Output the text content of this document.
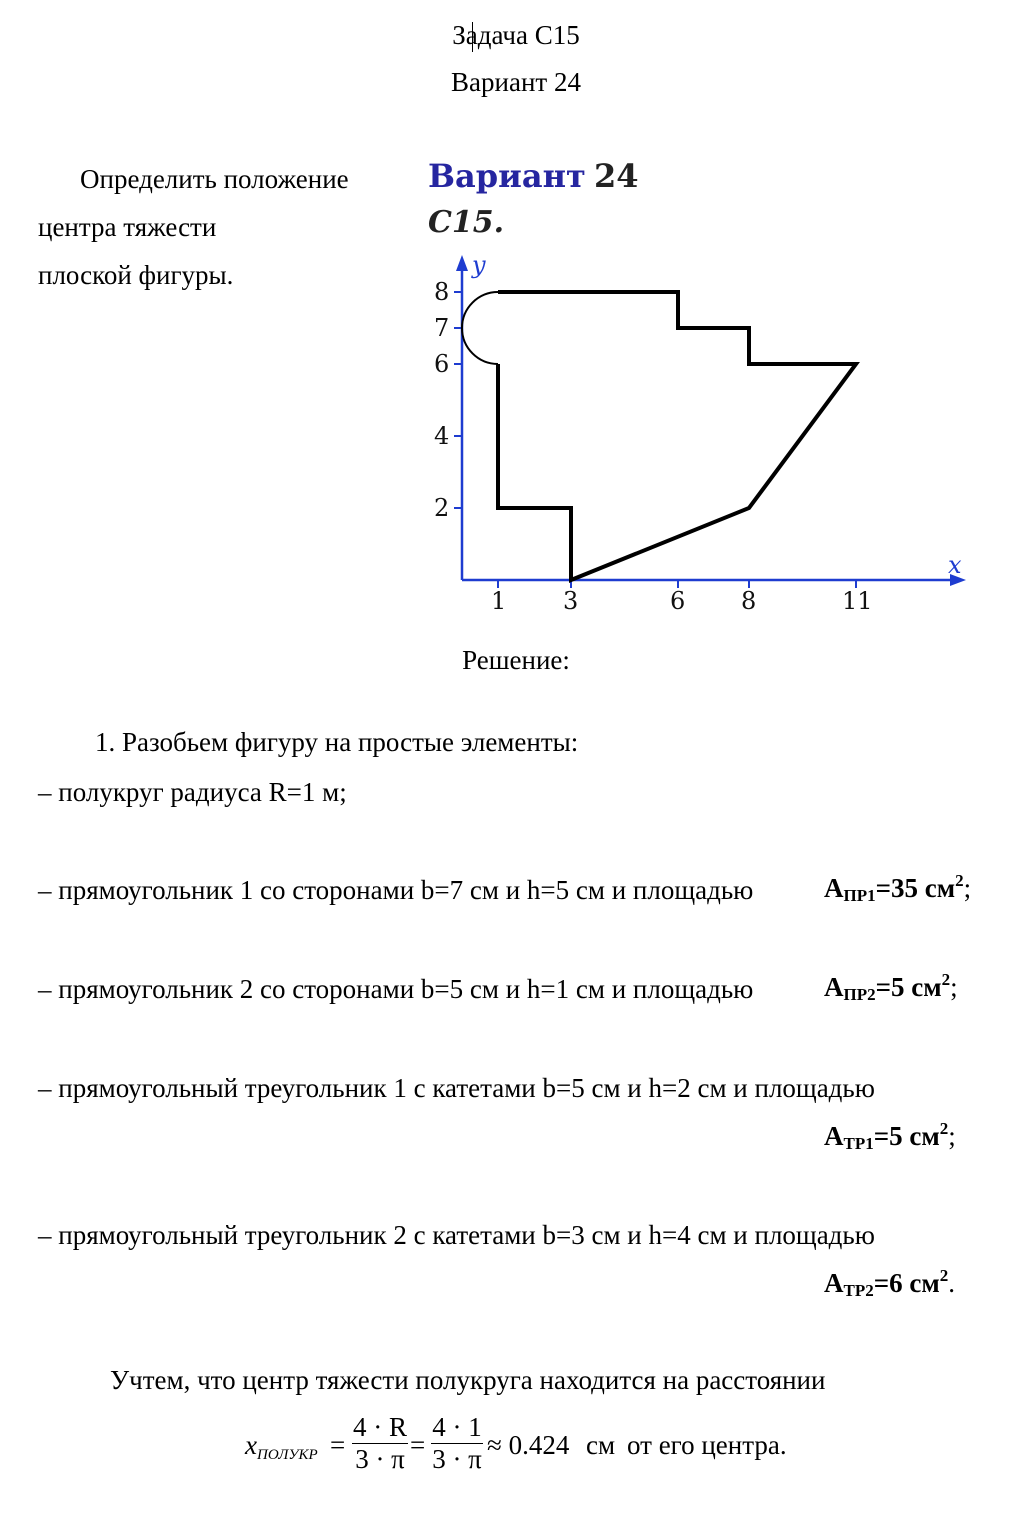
Задача С15
Вариант 24
Определить положение
центра тяжести
плоской фигуры.
Вариант 24
C15.
y
x
8
7
6
4
2
1 3	6 8	11
Решение:
1. Разобьем фигуру на простые элементы:
– полукруг радиуса R=1 м;
– прямоугольник 1 со сторонами b=7 см и h=5 см и площадью	AПР1=35 $см^2$;
– прямоугольник 2 со сторонами b=5 см и h=1 см и площадью	AПР2=5 $см^2$;
– прямоугольный треугольник 1 с катетами b=5 см и h=2 см и площадью
AТР1=5 $см^2$;
– прямоугольный треугольник 2 с катетами b=3 см и h=4 см и площадью
AТР2=6 $см^2$.
Учтем, что центр тяжести полукруга находится на расстоянии
xПОЛУКР =
4 · R
3 · π =
4 · 1
3 · π ≈ 0.424 см от его центра.
